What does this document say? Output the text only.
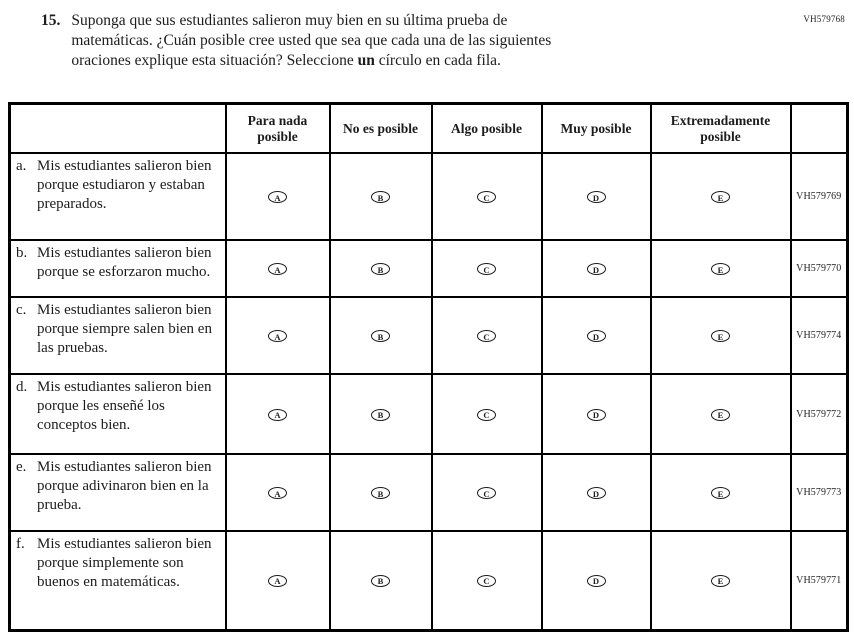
VH579768
15. Suponga que sus estudiantes salieron muy bien en su última prueba de
matemáticas. ¿Cuán posible cree usted que sea que cada una de las siguientes
oraciones explique esta situación? Seleccione un círculo en cada fila.
	Para nada posible	No es posible	Algo posible	Muy posible	Extremadamente posible	

a. Mis estudiantes salieron bien porque estudiaron y estaban preparados.	A	B	C	D	E	VH579769

b. Mis estudiantes salieron bien porque se esforzaron mucho.	A	B	C	D	E	VH579770

c. Mis estudiantes salieron bien porque siempre salen bien en las pruebas.	A	B	C	D	E	VH579774

d. Mis estudiantes salieron bien porque les enseñé los conceptos bien.	A	B	C	D	E	VH579772

e. Mis estudiantes salieron bien porque adivinaron bien en la prueba.	A	B	C	D	E	VH579773

f. Mis estudiantes salieron bien porque simplemente son buenos en matemáticas.	A	B	C	D	E	VH579771
